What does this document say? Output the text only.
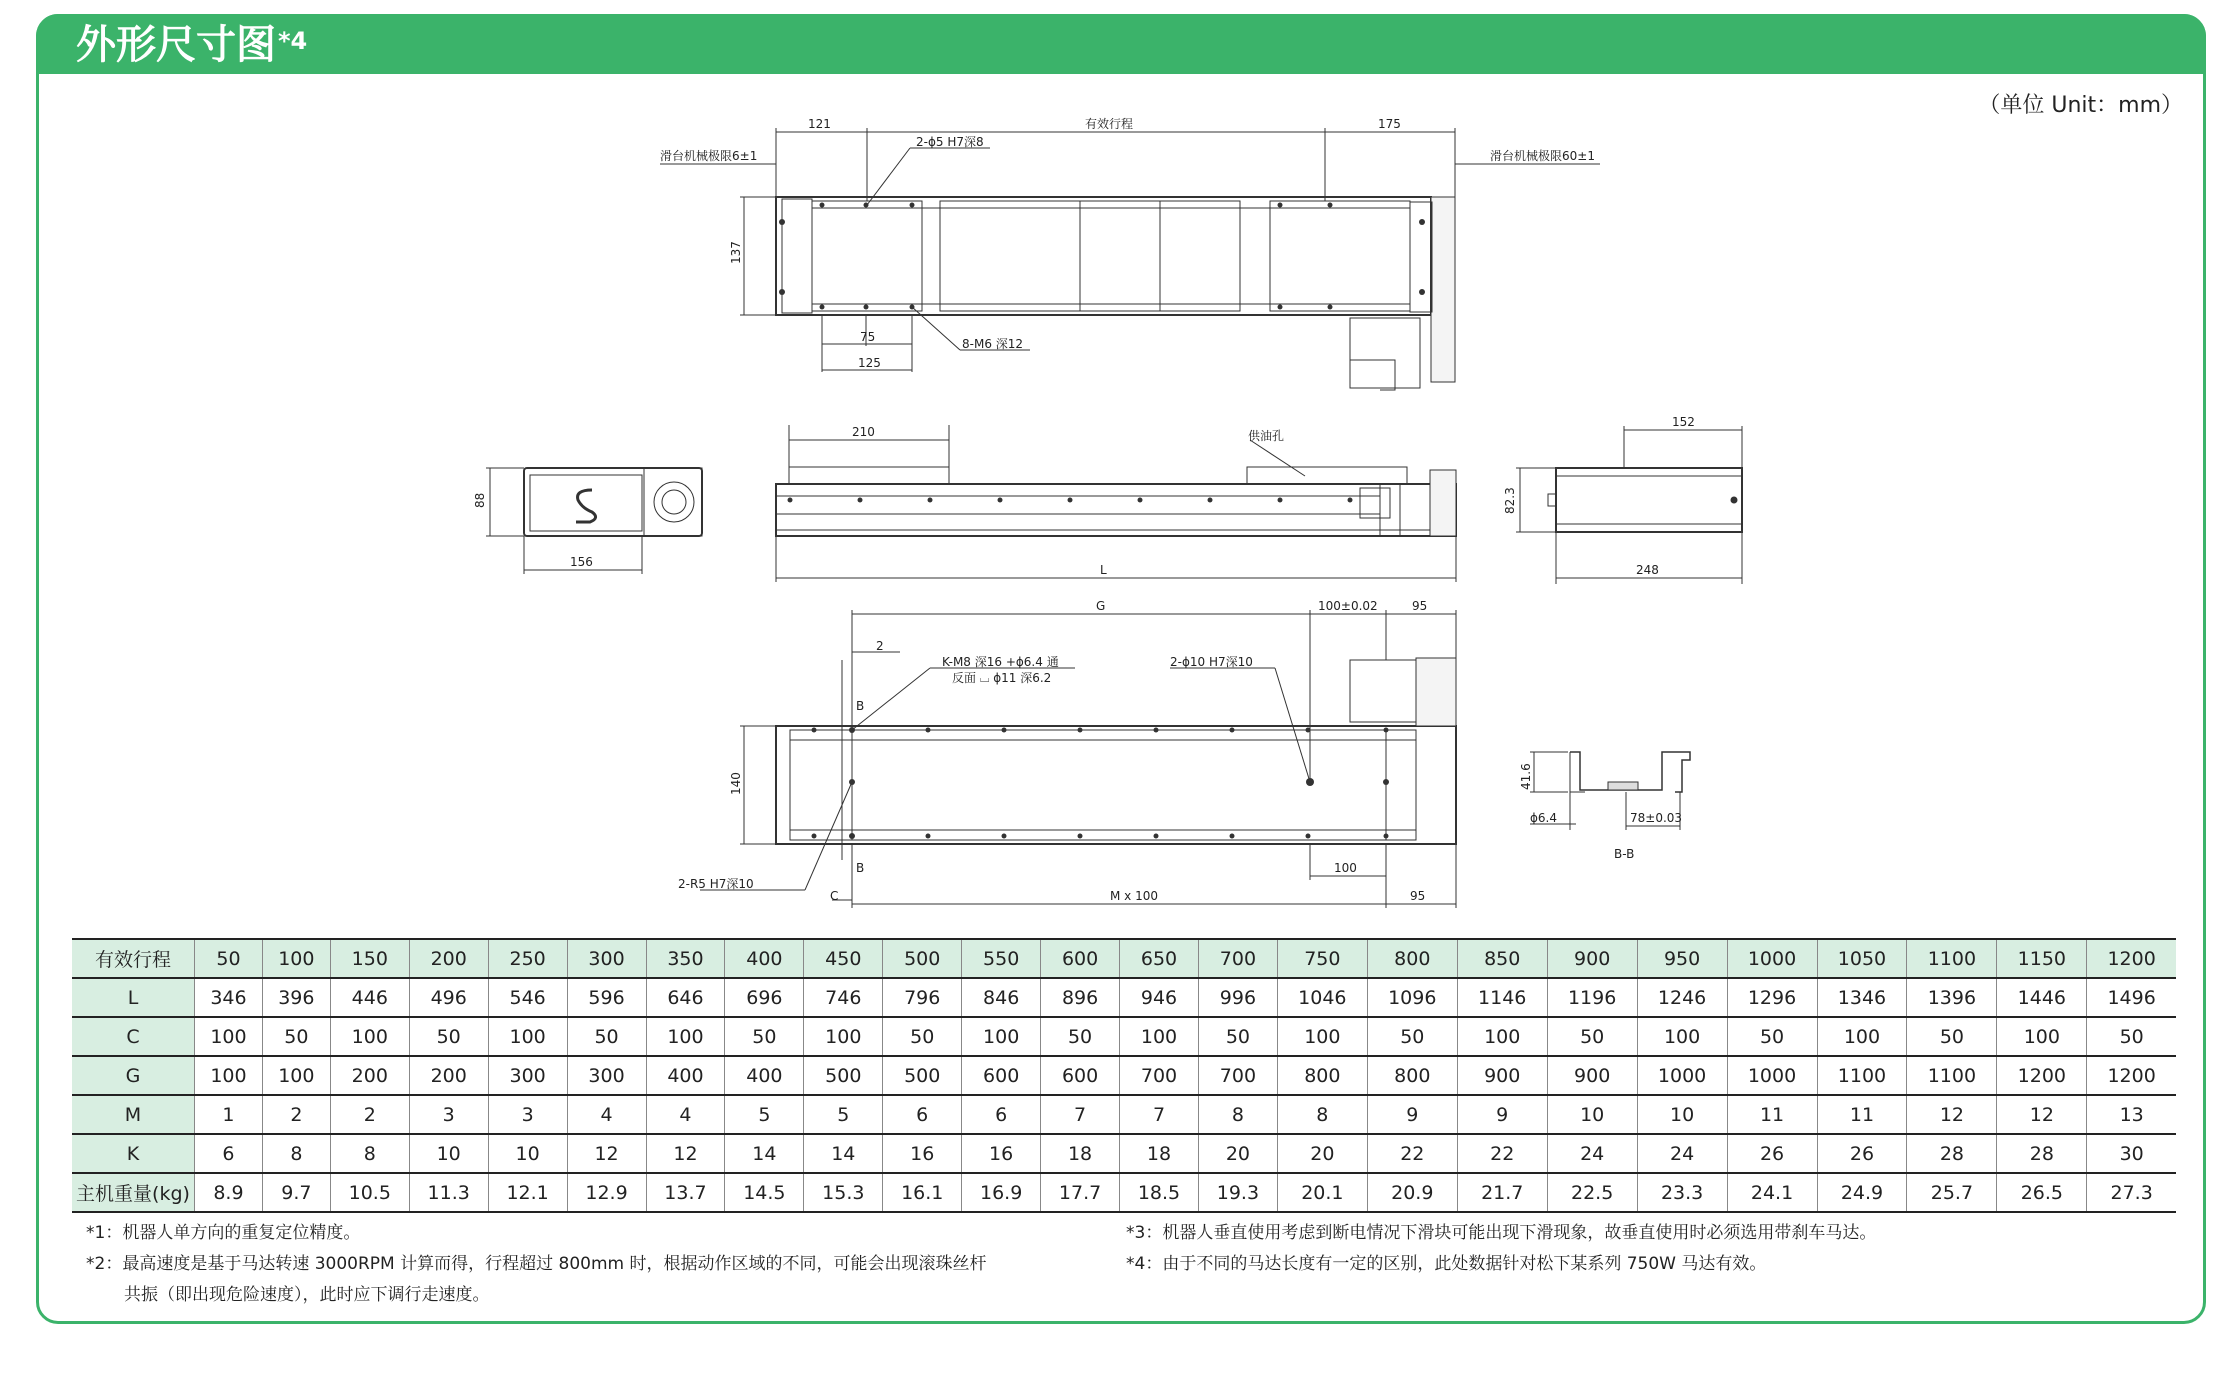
外形尺寸图$^{*4}$
（单位 Unit：mm）
121	有效行程	175
滑台机械极限6±1	滑台机械极限60±1
2-ϕ5 H7深8
137
75
125
8-M6 深12
88
156
210	供油孔
L
152
82.3
248
G	100±0.02	95
2
K-M8 深16 +ϕ6.4 通
反面 ⌴ ϕ11 深6.2
2-ϕ10 H7深10
B
B
140
2-R5 H7深10
100
C	M x 100	95
41.6
ϕ6.4	78±0.03
B-B
有效行程	50	100	150	200	250	300	350	400	450	500	550	600	650	700	750	800	850	900	950	1000	1050	1100	1150	1200
L	346	396	446	496	546	596	646	696	746	796	846	896	946	996	1046	1096	1146	1196	1246	1296	1346	1396	1446	1496
C	100	50	100	50	100	50	100	50	100	50	100	50	100	50	100	50	100	50	100	50	100	50	100	50
G	100	100	200	200	300	300	400	400	500	500	600	600	700	700	800	800	900	900	1000	1000	1100	1100	1200	1200
M	1	2	2	3	3	4	4	5	5	6	6	7	7	8	8	9	9	10	10	11	11	12	12	13
K	6	8	8	10	10	12	12	14	14	16	16	18	18	20	20	22	22	24	24	26	26	28	28	30
主机重量(kg)	8.9	9.7	10.5	11.3	12.1	12.9	13.7	14.5	15.3	16.1	16.9	17.7	18.5	19.3	20.1	20.9	21.7	22.5	23.3	24.1	24.9	25.7	26.5	27.3
*1：机器人单方向的重复定位精度。
*2：最高速度是基于马达转速 3000RPM 计算而得，行程超过 800mm 时，根据动作区域的不同，可能会出现滚珠丝杆
共振（即出现危险速度），此时应下调行走速度。
*3：机器人垂直使用考虑到断电情况下滑块可能出现下滑现象，故垂直使用时必须选用带刹车马达。
*4：由于不同的马达长度有一定的区别，此处数据针对松下某系列 750W 马达有效。
